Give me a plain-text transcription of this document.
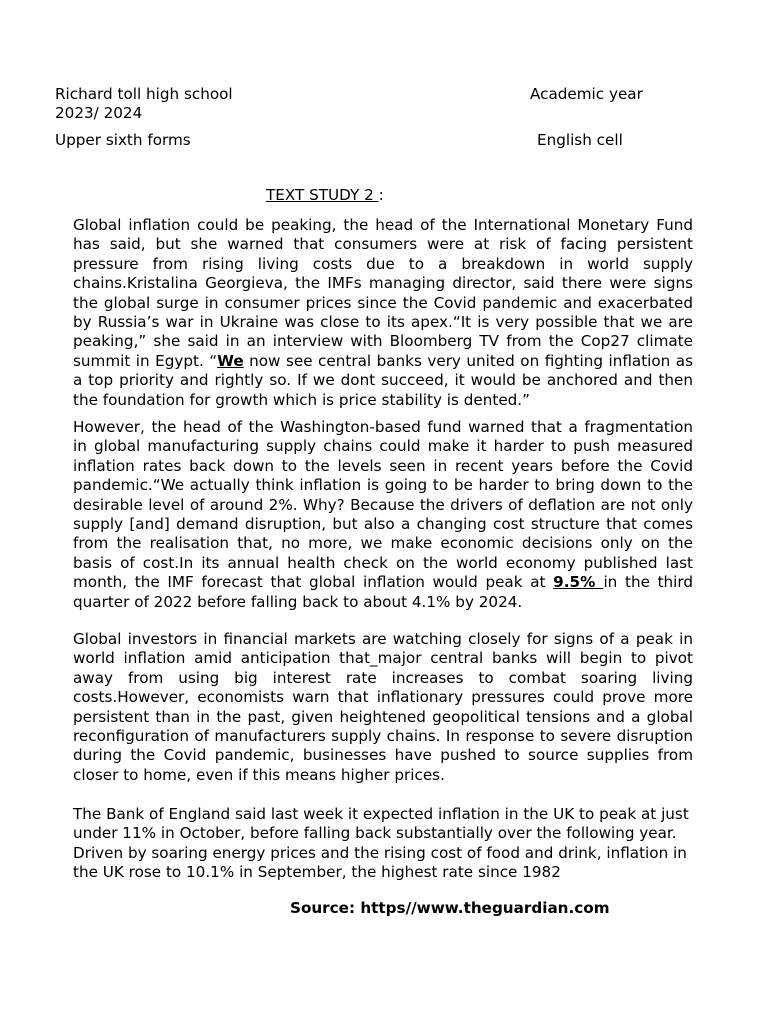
Richard toll high school	Academic year
2023/ 2024
Upper sixth forms	English cell
TEXT STUDY 2 :

Global inflation could be peaking, the head of the International Monetary Fund has said, but she warned that consumers were at risk of facing persistent pressure from rising living costs due to a breakdown in world supply chains.Kristalina Georgieva, the IMFs managing director, said there were signs the global surge in consumer prices since the Covid pandemic and exacerbated by Russia’s war in Ukraine was close to its apex.“It is very possible that we are peaking,” she said in an interview with Bloomberg TV from the Cop27 climate summit in Egypt. “We now see central banks very united on fighting inflation as a top priority and rightly so. If we dont succeed, it would be anchored and then the foundation for growth which is price stability is dented.”

However, the head of the Washington-based fund warned that a fragmentation in global manufacturing supply chains could make it harder to push measured inflation rates back down to the levels seen in recent years before the Covid pandemic.“We actually think inflation is going to be harder to bring down to the desirable level of around 2%. Why? Because the drivers of deflation are not only supply [and] demand disruption, but also a changing cost structure that comes from the realisation that, no more, we make economic decisions only on the basis of cost.In its annual health check on the world economy published last month, the IMF forecast that global inflation would peak at 9.5% in the third quarter of 2022 before falling back to about 4.1% by 2024.

Global investors in financial markets are watching closely for signs of a peak in world inflation amid anticipation that_major central banks will begin to pivot away from using big interest rate increases to combat soaring living costs.However, economists warn that inflationary pressures could prove more persistent than in the past, given heightened geopolitical tensions and a global reconfiguration of manufacturers supply chains. In response to severe disruption during the Covid pandemic, businesses have pushed to source supplies from closer to home, even if this means higher prices.

The Bank of England said last week it expected inflation in the UK to peak at just under 11% in October, before falling back substantially over the following year. Driven by soaring energy prices and the rising cost of food and drink, inflation in the UK rose to 10.1% in September, the highest rate since 1982

Source: https//www.theguardian.com
